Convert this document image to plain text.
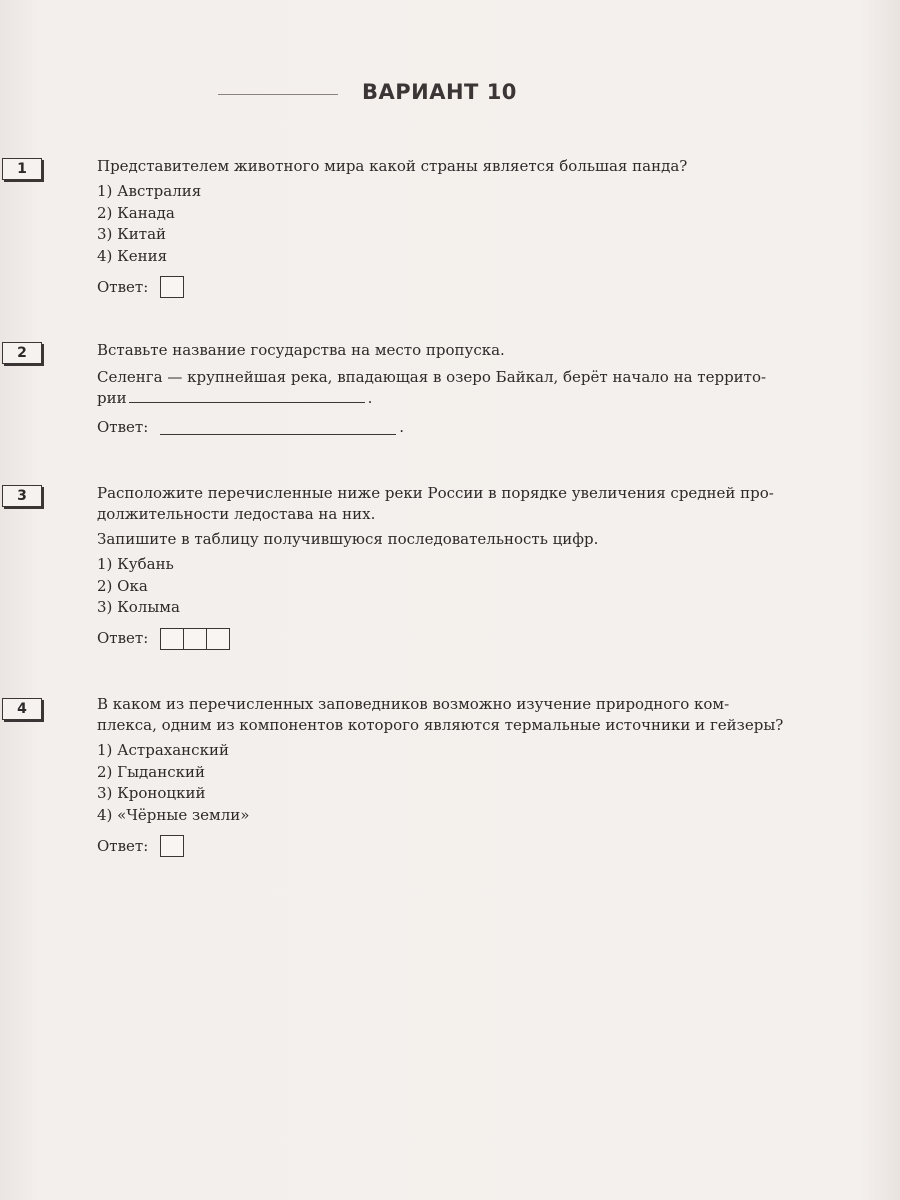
ВАРИАНТ 10
1	Представителем животного мира какой страны является большая панда?

1) Австралия
2) Канада
3) Китай
4) Кения
Ответ:
2	Вставьте название государства на место пропуска.

Селенга — крупнейшая река, впадающая в озеро Байкал, берёт начало на террито-
рии	.
Ответ:	.
3	Расположите перечисленные ниже реки России в порядке увеличения средней про-

должительности ледостава на них.

Запишите в таблицу получившуюся последовательность цифр.

1) Кубань
2) Ока
3) Колыма
Ответ:
4	В каком из перечисленных заповедников возможно изучение природного ком-

плекса, одним из компонентов которого являются термальные источники и гейзеры?

1) Астраханский
2) Гыданский
3) Кроноцкий
4) «Чёрные земли»
Ответ:
